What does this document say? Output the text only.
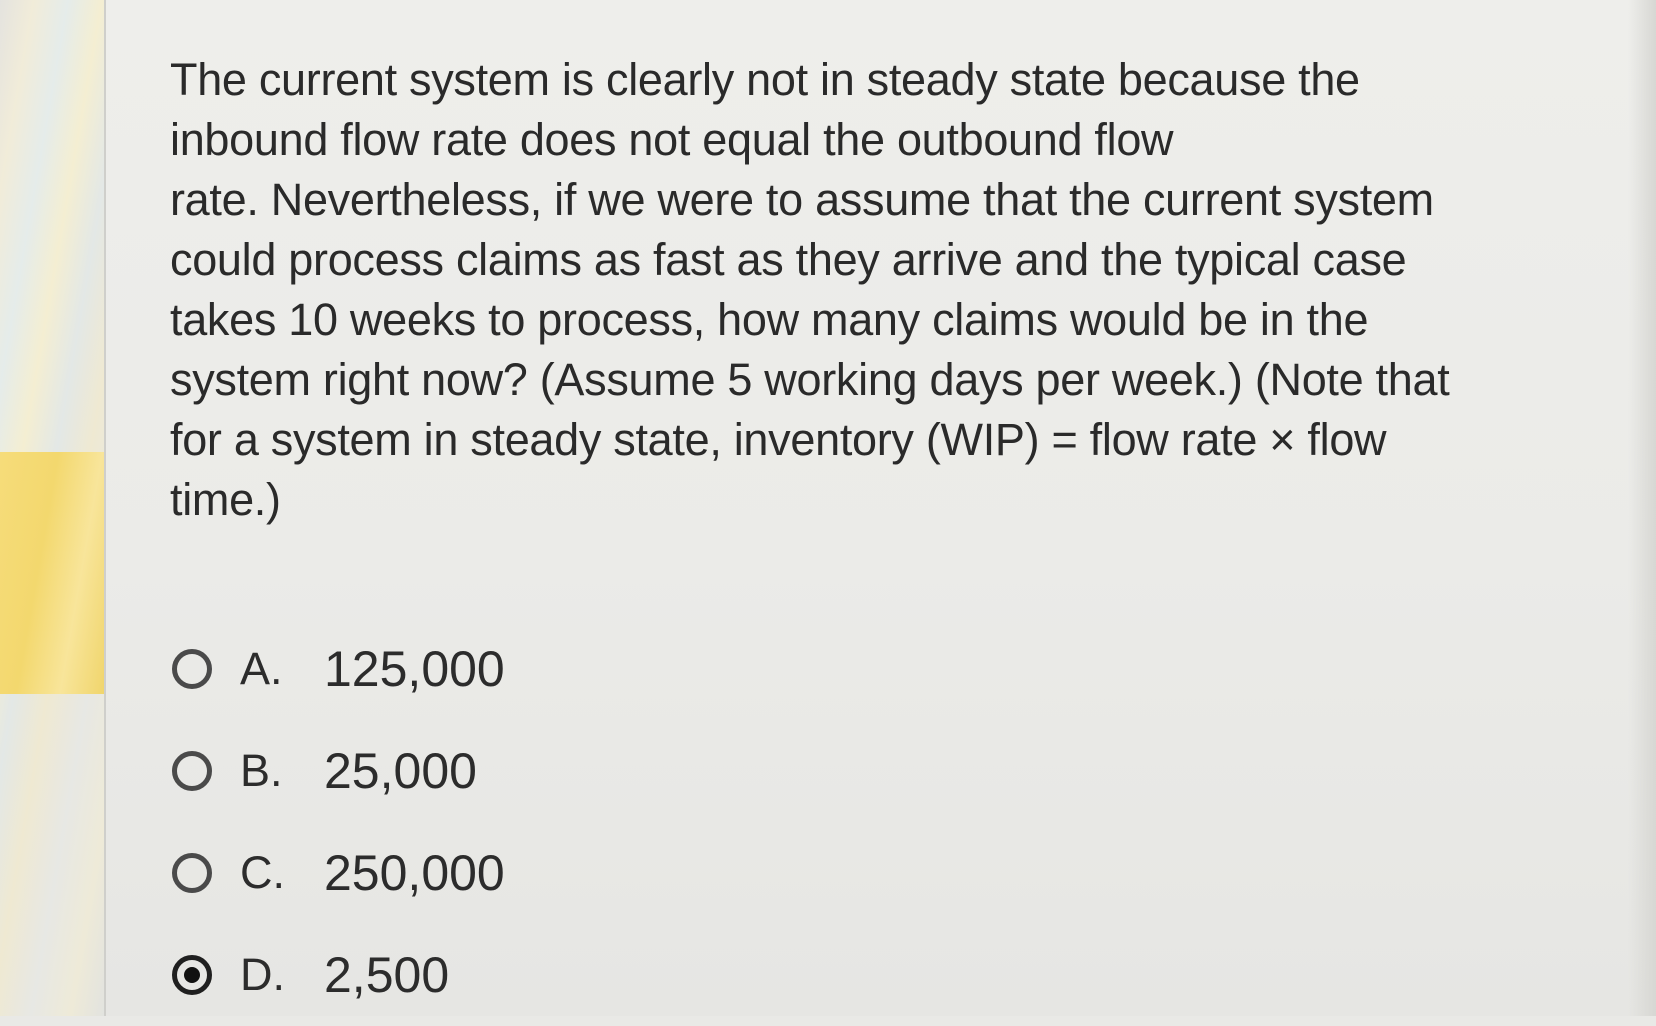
The current system is clearly not in steady state because the
inbound flow rate does not equal the outbound flow
rate. Nevertheless, if we were to assume that the current system
could process claims as fast as they arrive and the typical case
takes 10 weeks to process, how many claims would be in the
system right now? (Assume 5 working days per week.) (Note that
for a system in steady state, inventory (WIP) = flow rate × flow
time.)

A. 125,000
B. 25,000
C. 250,000
D. 2,500
